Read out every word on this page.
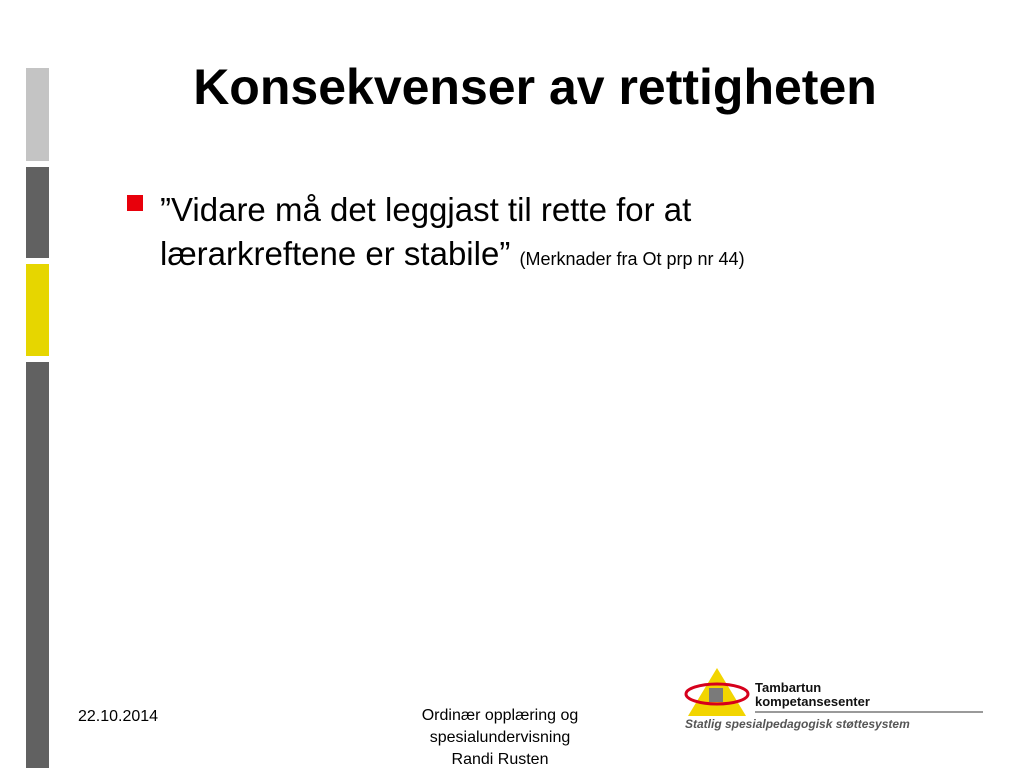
Konsekvenser av rettigheten

”Vidare må det leggjast til rette for at
lærarkreftene er stabile” (Merknader fra Ot prp nr 44)

22.10.2014	Ordinær opplæring og
spesialundervisning
Randi Rusten
Tambartun
kompetansesenter
Statlig spesialpedagogisk støttesystem
